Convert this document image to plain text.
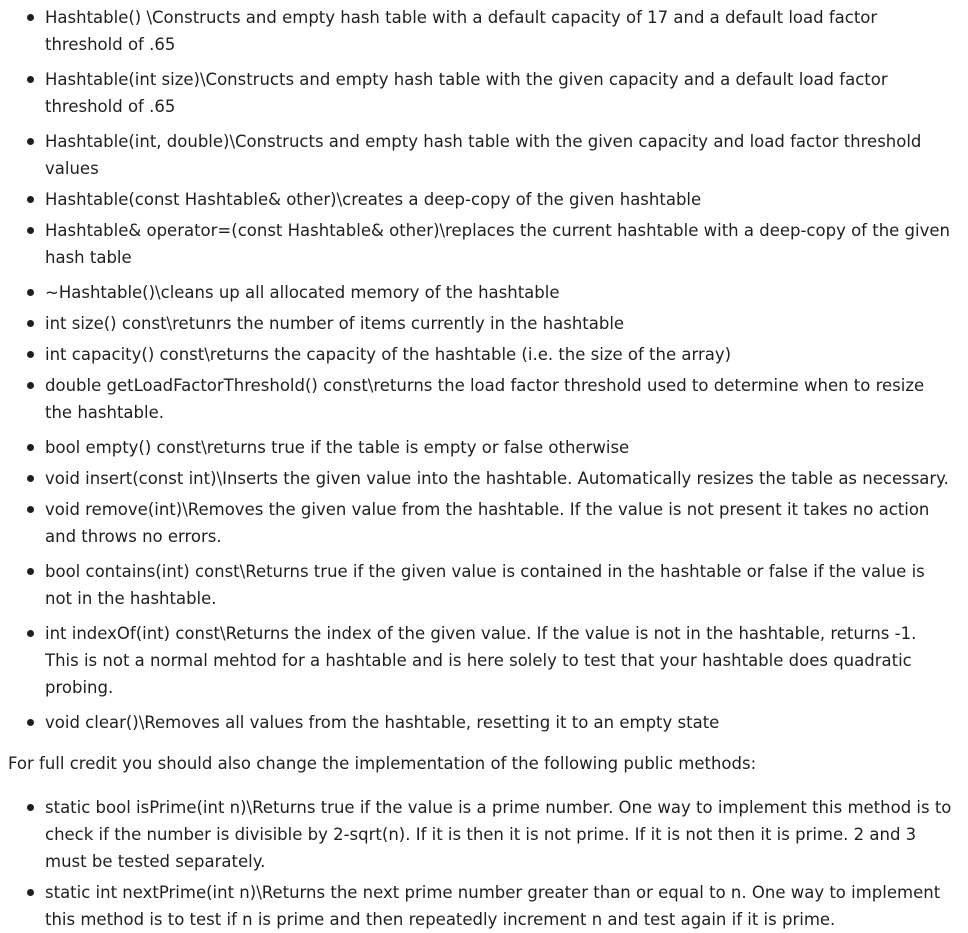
Hashtable() \Constructs and empty hash table with a default capacity of 17 and a default load factor threshold of .65
Hashtable(int size)\Constructs and empty hash table with the given capacity and a default load factor threshold of .65
Hashtable(int, double)\Constructs and empty hash table with the given capacity and load factor threshold values
Hashtable(const Hashtable& other)\creates a deep-copy of the given hashtable
Hashtable& operator=(const Hashtable& other)\replaces the current hashtable with a deep-copy of the given hash table
~Hashtable()\cleans up all allocated memory of the hashtable
int size() const\retunrs the number of items currently in the hashtable
int capacity() const\returns the capacity of the hashtable (i.e. the size of the array)
double getLoadFactorThreshold() const\returns the load factor threshold used to determine when to resize the hashtable.
bool empty() const\returns true if the table is empty or false otherwise
void insert(const int)\Inserts the given value into the hashtable. Automatically resizes the table as necessary.
void remove(int)\Removes the given value from the hashtable. If the value is not present it takes no action and throws no errors.
bool contains(int) const\Returns true if the given value is contained in the hashtable or false if the value is not in the hashtable.
int indexOf(int) const\Returns the index of the given value. If the value is not in the hashtable, returns -1. This is not a normal mehtod for a hashtable and is here solely to test that your hashtable does quadratic probing.
void clear()\Removes all values from the hashtable, resetting it to an empty state

For full credit you should also change the implementation of the following public methods:

static bool isPrime(int n)\Returns true if the value is a prime number. One way to implement this method is to check if the number is divisible by 2-sqrt(n). If it is then it is not prime. If it is not then it is prime. 2 and 3 must be tested separately.
static int nextPrime(int n)\Returns the next prime number greater than or equal to n. One way to implement this method is to test if n is prime and then repeatedly increment n and test again if it is prime.
